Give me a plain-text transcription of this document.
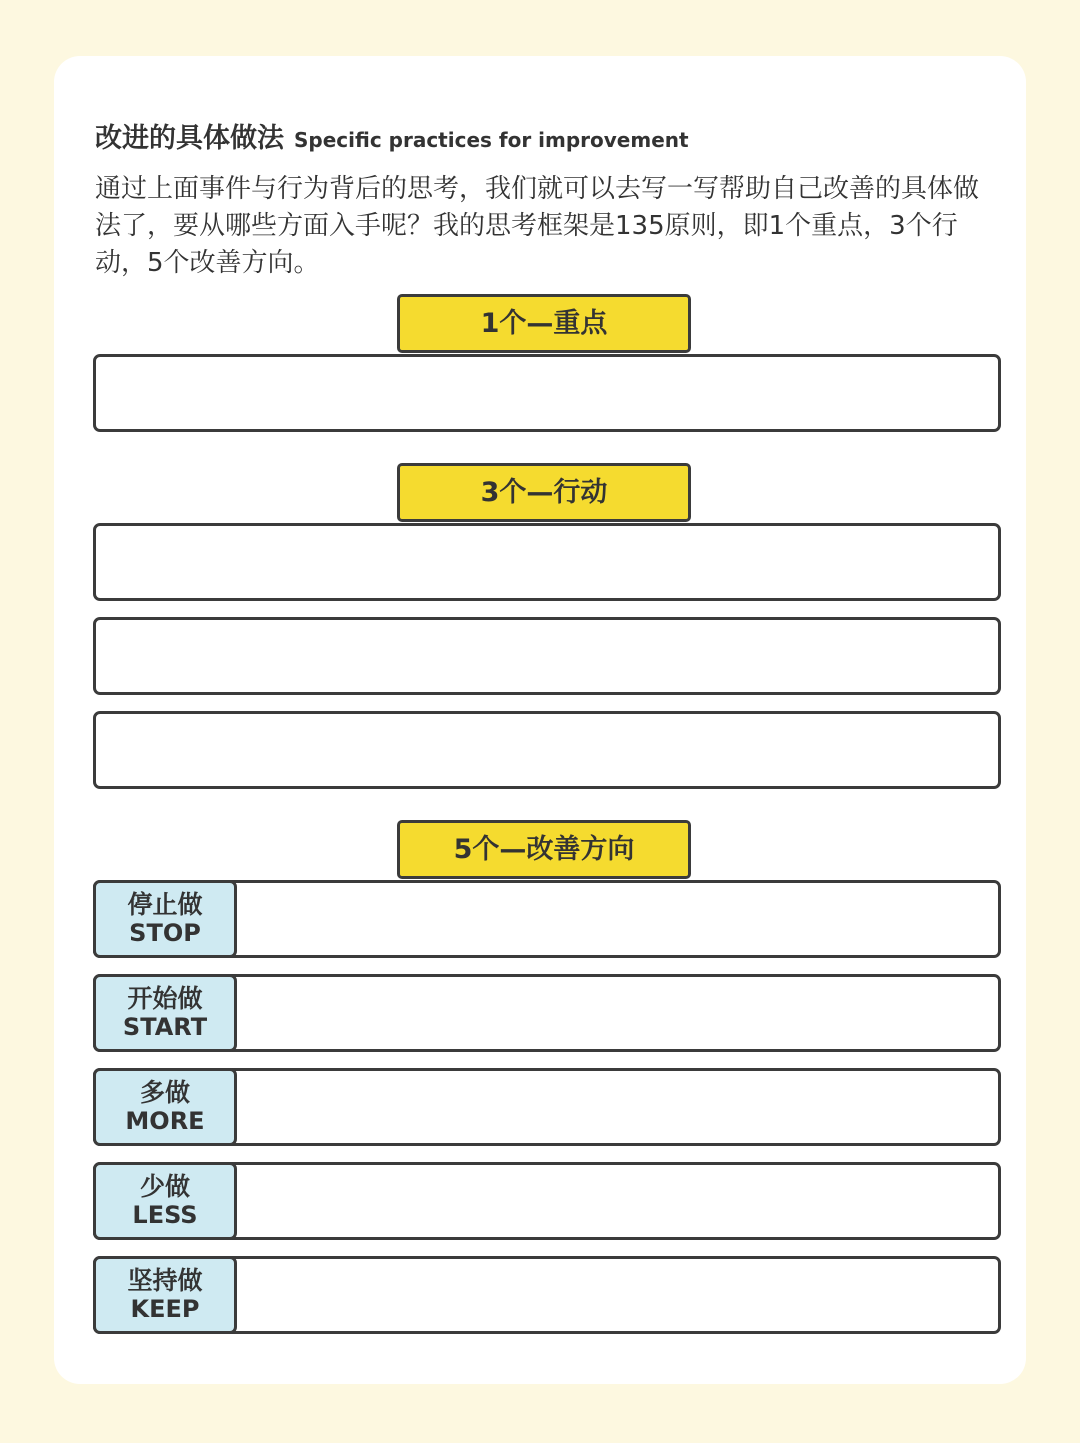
改进的具体做法 Specific practices for improvement

通过上面事件与行为背后的思考，我们就可以去写一写帮助自己改善的具体做法了，要从哪些方面入手呢？我的思考框架是135原则，即1个重点，3个行动，5个改善方向。

1个—重点
3个—行动
5个—改善方向
停止做
STOP
开始做
START
多做
MORE
少做
LESS
坚持做
KEEP
